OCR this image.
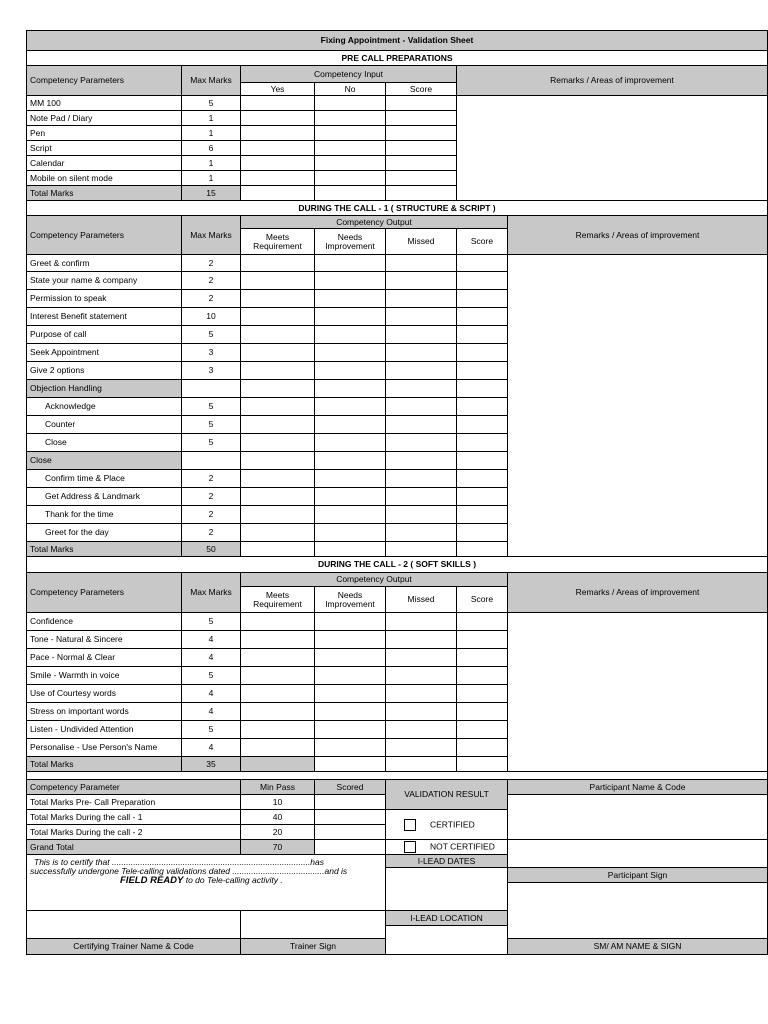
Fixing Appointment - Validation Sheet						
PRE CALL PREPARATIONS						
Competency Parameters	Max Marks	Competency Input			Remarks / Areas of improvement	
		Yes	No	Score		
MM 100	5					
Note Pad / Diary	1					
Pen	1					
Script	6					
Calendar	1					
Mobile on silent mode	1					
Total Marks	15					
DURING THE CALL - 1 ( STRUCTURE & SCRIPT )						
Competency Parameters	Max Marks	Competency Output				Remarks / Areas of improvement
		Meets Requirement	Needs Improvement	Missed	Score	
Greet & confirm	2					
State your name & company	2					
Permission to speak	2					
Interest Benefit statement	10					
Purpose of call	5					
Seek Appointment	3					
Give 2 options	3					
Objection Handling						
Acknowledge	5					
Counter	5					
Close	5					
Close						
Confirm time & Place	2					
Get Address & Landmark	2					
Thank for the time	2					
Greet for the day	2					
Total Marks	50					
DURING THE CALL - 2 ( SOFT SKILLS )						
Competency Parameters	Max Marks	Competency Output				Remarks / Areas of improvement
		Meets Requirement	Needs Improvement	Missed	Score	
Confidence	5					
Tone - Natural & Sincere	4					
Pace - Normal & Clear	4					
Smile - Warmth in voice	5					
Use of Courtesy words	4					
Stress on important words	4					
Listen - Undivided Attention	5					
Personalise - Use Person's Name	4					
Total Marks	35					

Competency Parameter		Min Pass	Scored	VALIDATION RESULT		Participant Name & Code
Total Marks Pre- Call Preparation		10				
Total Marks During the call - 1		40		CERTIFIED		
Total Marks During the call - 2		20				
Grand Total		70		NOT CERTIFIED		

This is to certify that ....................................................................................has
successfully undergone Tele-calling validations dated .......................................and is
FIELD READY to do Tele-calling activity .				I-LEAD DATES		
						Participant Sign

				I-LEAD LOCATION		

Certifying Trainer Name & Code		Trainer Sign				SM/ AM NAME & SIGN
